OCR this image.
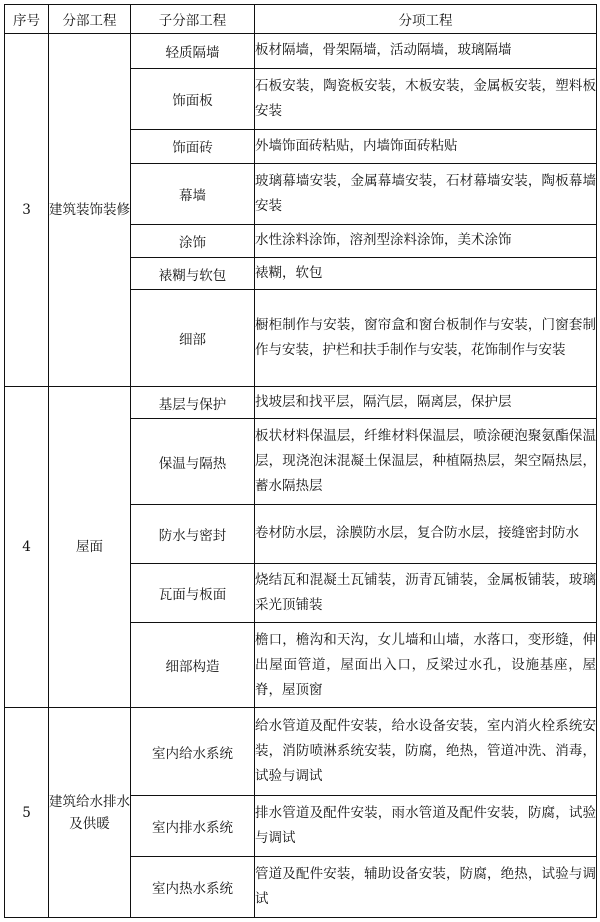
序号	分部工程	子分部工程	分项工程
3	建筑装饰装修	轻质隔墙	板材隔墙，骨架隔墙，活动隔墙，玻璃隔墙
		饰面板	石板安装，陶瓷板安装，木板安装，金属板安装，塑料板安装
		饰面砖	外墙饰面砖粘贴，内墙饰面砖粘贴
		幕墙	玻璃幕墙安装，金属幕墙安装，石材幕墙安装，陶板幕墙安装
		涂饰	水性涂料涂饰，溶剂型涂料涂饰，美术涂饰
		裱糊与软包	裱糊，软包
		细部	橱柜制作与安装，窗帘盒和窗台板制作与安装，门窗套制作与安装，护栏和扶手制作与安装，花饰制作与安装
4	屋面	基层与保护	找坡层和找平层，隔汽层，隔离层，保护层
		保温与隔热	板状材料保温层，纤维材料保温层，喷涂硬泡聚氨酯保温层，现浇泡沫混凝土保温层，种植隔热层，架空隔热层，蓄水隔热层
		防水与密封	卷材防水层，涂膜防水层，复合防水层，接缝密封防水
		瓦面与板面	烧结瓦和混凝土瓦铺装，沥青瓦铺装，金属板铺装，玻璃采光顶铺装
		细部构造	檐口，檐沟和天沟，女儿墙和山墙，水落口，变形缝，伸出屋面管道，屋面出入口，反梁过水孔，设施基座，屋脊，屋顶窗
5	建筑给水排水及供暖	室内给水系统	给水管道及配件安装，给水设备安装，室内消火栓系统安装，消防喷淋系统安装，防腐，绝热，管道冲洗、消毒，试验与调试
		室内排水系统	排水管道及配件安装，雨水管道及配件安装，防腐，试验与调试
		室内热水系统	管道及配件安装，辅助设备安装，防腐，绝热，试验与调试
